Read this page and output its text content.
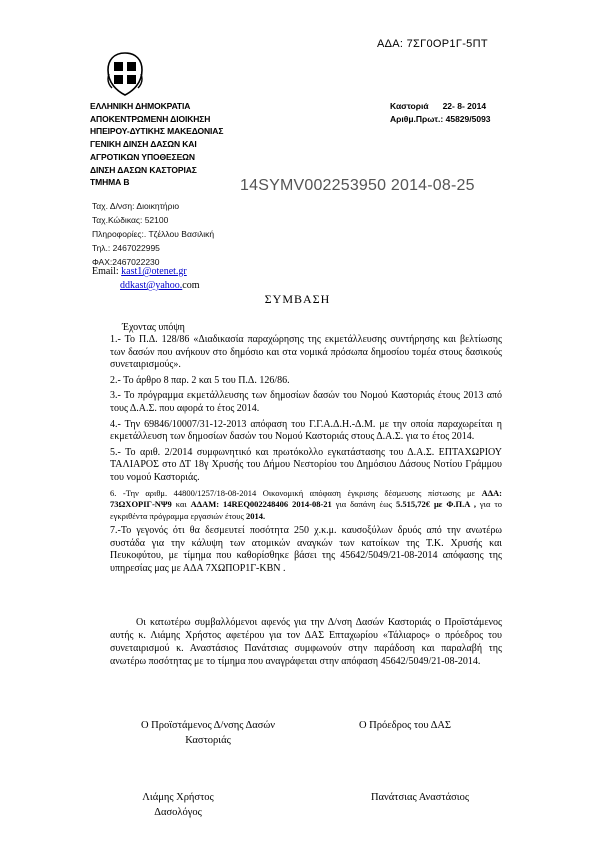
ΑΔΑ: 7ΣΓ0ΟΡ1Γ-5ΠΤ
ΕΛΛΗΝΙΚΗ ΔΗΜΟΚΡΑΤΙΑ
ΑΠΟΚΕΝΤΡΩΜΕΝΗ ΔΙΟΙΚΗΣΗ
ΗΠΕΙΡΟΥ-ΔΥΤΙΚΗΣ ΜΑΚΕΔΟΝΙΑΣ
ΓΕΝΙΚΗ ΔΙΝΣΗ ΔΑΣΩΝ ΚΑΙ
ΑΓΡΟΤΙΚΩΝ ΥΠΟΘΕΣΕΩΝ
ΔΙΝΣΗ ΔΑΣΩΝ ΚΑΣΤΟΡΙΑΣ
ΤΜΗΜΑ Β
Καστοριά 22- 8- 2014
Αριθμ.Πρωτ.: 45829/5093
14SYMV002253950 2014-08-25
Ταχ. Δ/νση: Διοικητήριο
Ταχ.Κώδικας: 52100
Πληροφορίες:. Τζέλλου Βασιλική
Τηλ.: 2467022995
ΦΑΧ:2467022230
Email: kast1@otenet.gr
ddkast@yahoo.com
ΣΥΜΒΑΣΗ
Έχοντας υπόψη

1.- Το Π.Δ. 128/86 «Διαδικασία παραχώρησης της εκμετάλλευσης συντήρησης και βελτίωσης των δασών που ανήκουν στο δημόσιο και στα νομικά πρόσωπα δημοσίου τομέα στους δασικούς συνεταιρισμούς».

2.- Το άρθρο 8 παρ. 2 και 5 του Π.Δ. 126/86.

3.- Το πρόγραμμα εκμετάλλευσης των δημοσίων δασών του Νομού Καστοριάς έτους 2013 από τους Δ.Α.Σ. που αφορά το έτος 2014.

4.- Την 69846/10007/31-12-2013 απόφαση του Γ.Γ.Α.Δ.Η.-Δ.Μ. με την οποία παραχωρείται η εκμετάλλευση των δημοσίων δασών του Νομού Καστοριάς στους Δ.Α.Σ. για το έτος 2014.

5.- Το αριθ. 2/2014 συμφωνητικό και πρωτόκολλο εγκατάστασης του Δ.Α.Σ. ΕΠΤΑΧΩΡΙΟΥ ΤΑΛΙΑΡΟΣ στο ΔΤ 18γ Χρυσής του Δήμου Νεστορίου του Δημόσιου Δάσους Νοτίου Γράμμου του νομού Καστοριάς.

6. -Την αριθμ. 44800/1257/18-08-2014 Οικονομική απόφαση έγκρισης δέσμευσης πίστωσης με ΑΔΑ: 73ΩΧΟΡΙΓ-ΝΨ9 και ΑΔΑΜ: 14REQ002248406 2014-08-21 για δαπάνη έως 5.515,72€ με Φ.Π.Α , για το εγκριθέντα πρόγραμμα εργασιών έτους 2014.

7.-Το γεγονός ότι θα δεσμευτεί ποσότητα 250 χ.κ.μ. καυσοξύλων δρυός από την ανωτέρω συστάδα για την κάλυψη των ατομικών αναγκών των κατοίκων της Τ.Κ. Χρυσής και Πευκοφύτου, με τίμημα που καθορίσθηκε βάσει της 45642/5049/21-08-2014 απόφασης της υπηρεσίας μας με ΑΔΑ 7ΧΩΠΟΡ1Γ-ΚΒΝ .

Οι κατωτέρω συμβαλλόμενοι αφενός για την Δ/νση Δασών Καστοριάς ο Προϊστάμενος αυτής κ. Λιάμης Χρήστος αφετέρου για τον ΔΑΣ Επταχωρίου «Τάλιαρος» ο πρόεδρος του συνεταιρισμού κ. Αναστάσιος Πανάτσιας συμφωνούν στην παράδοση και παραλαβή της ανωτέρω ποσότητας με το τίμημα που αναγράφεται στην απόφαση 45642/5049/21-08-2014.
Ο Προϊστάμενος Δ/νσης Δασών Καστοριάς
Ο Πρόεδρος του ΔΑΣ
Λιάμης Χρήστος
Δασολόγος
Πανάτσιας Αναστάσιος
